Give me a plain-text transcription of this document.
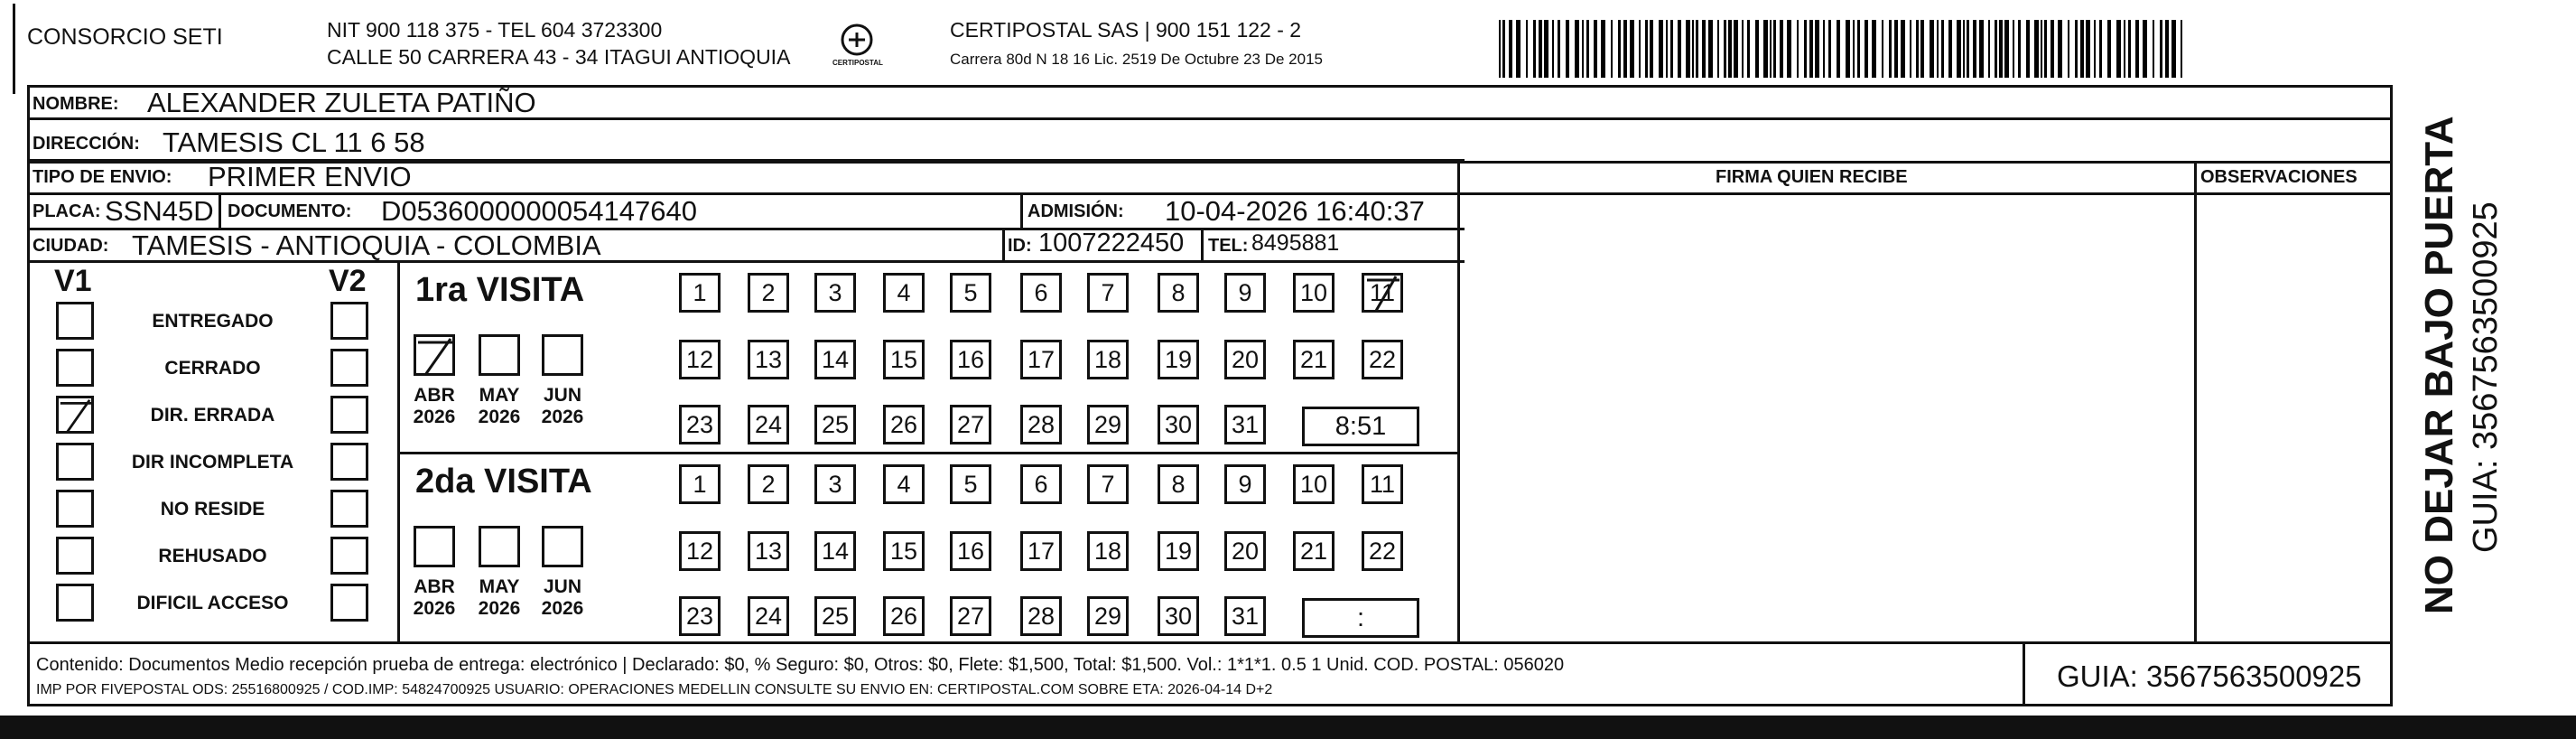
CONSORCIO SETI	NIT 900 118 375 - TEL 604 3723300
CALLE 50 CARRERA 43 - 34 ITAGUI ANTIOQUIA	CERTIPOSTAL
CERTIPOSTAL SAS | 900 151 122 - 2
Carrera 80d N 18 16 Lic. 2519 De Octubre 23 De 2015
NOMBRE: ALEXANDER ZULETA PATIÑO
DIRECCIÓN: TAMESIS CL 11 6 58
TIPO DE ENVIO: PRIMER ENVIO	FIRMA QUIEN RECIBE	OBSERVACIONES
PLACA: SSN45D DOCUMENTO: D0536000000054147640	ADMISIÓN: 10-04-2026 16:40:37
CIUDAD: TAMESIS - ANTIOQUIA - COLOMBIA	ID: 1007222450 TEL: 8495881
V1	V2
ENTREGADO
CERRADO
DIR. ERRADA
DIR INCOMPLETA
NO RESIDE
REHUSADO
DIFICIL ACCESO
1ra VISITA
2da VISITA
ABR
2026
MAY
2026
JUN
2026
1 2 3 4 5 6 7 8 9 10 11
12 13 14 15 16 17 18 19 20 21 22
23 24 25 26 27 28 29 30 31	8:51
ABR
2026
MAY
2026
JUN
2026
1 2 3 4 5 6 7 8 9 10 11
12 13 14 15 16 17 18 19 20 21 22
23 24 25 26 27 28 29 30 31	:
Contenido: Documentos Medio recepción prueba de entrega: electrónico | Declarado: $0, % Seguro: $0, Otros: $0, Flete: $1,500, Total: $1,500. Vol.: 1*1*1. 0.5 1 Unid. COD. POSTAL: 056020
IMP POR FIVEPOSTAL ODS: 25516800925 / COD.IMP: 54824700925 USUARIO: OPERACIONES MEDELLIN CONSULTE SU ENVIO EN: CERTIPOSTAL.COM SOBRE ETA: 2026-04-14 D+2	GUIA: 3567563500925
NO DEJAR BAJO PUERTA GUIA: 3567563500925
